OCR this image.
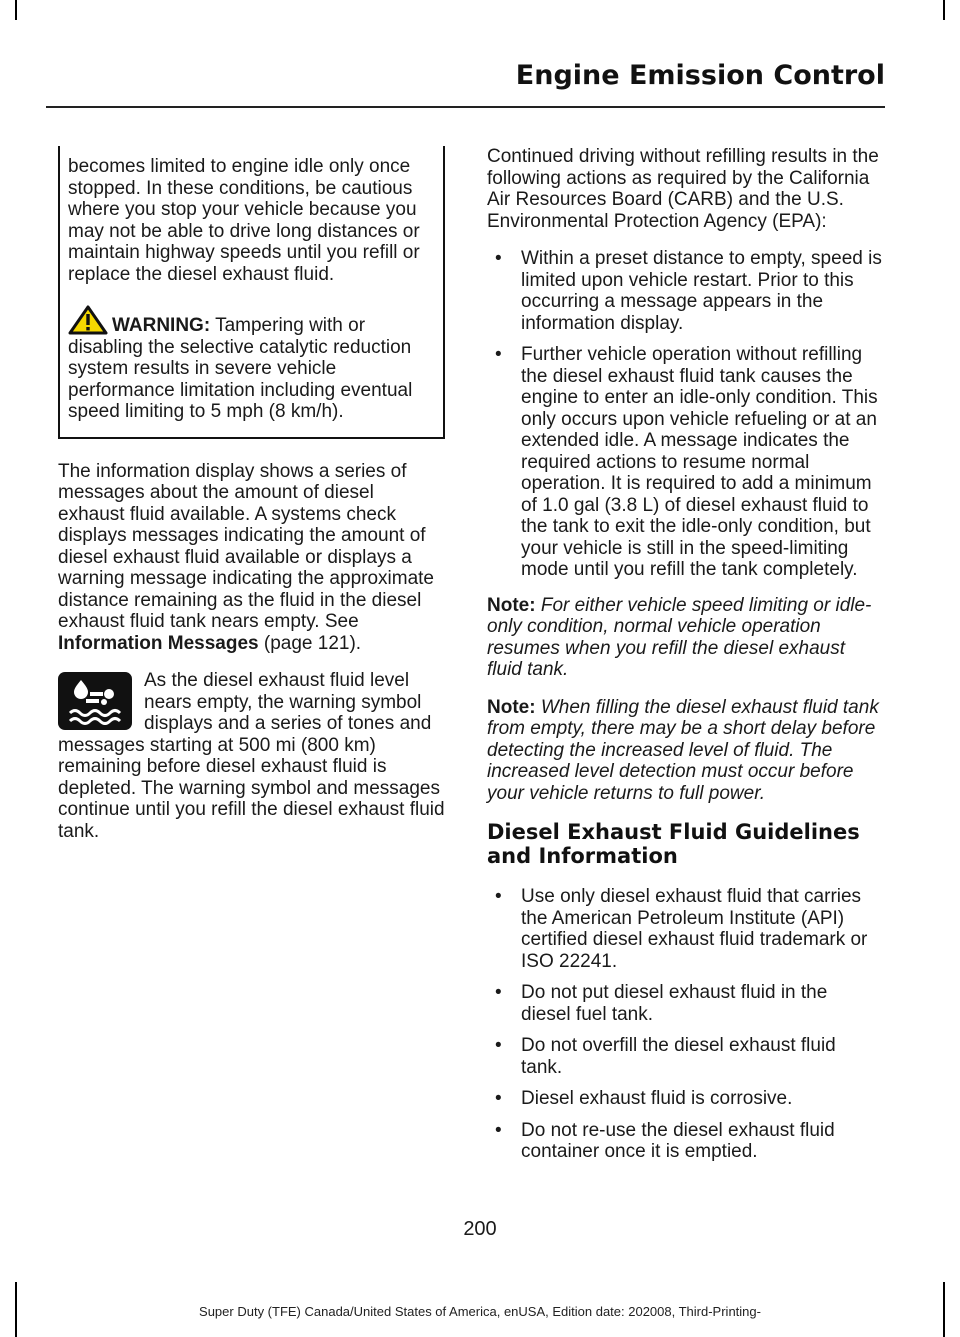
Engine Emission Control

becomes limited to engine idle only once stopped. In these conditions, be cautious where you stop your vehicle because you may not be able to drive long distances or maintain highway speeds until you refill or replace the diesel exhaust fluid.

WARNING: Tampering with or disabling the selective catalytic reduction system results in severe vehicle performance limitation including eventual speed limiting to 5 mph (8 km/h).

The information display shows a series of messages about the amount of diesel exhaust fluid available. A systems check displays messages indicating the amount of diesel exhaust fluid available or displays a warning message indicating the approximate distance remaining as the fluid in the diesel exhaust fluid tank nears empty. See Information Messages (page 121).

As the diesel exhaust fluid level nears empty, the warning symbol displays and a series of tones and messages starting at 500 mi (800 km) remaining before diesel exhaust fluid is depleted. The warning symbol and messages continue until you refill the diesel exhaust fluid tank.

Continued driving without refilling results in the following actions as required by the California Air Resources Board (CARB) and the U.S. Environmental Protection Agency (EPA):

• Within a preset distance to empty, speed is limited upon vehicle restart. Prior to this occurring a message appears in the information display.
• Further vehicle operation without refilling the diesel exhaust fluid tank causes the engine to enter an idle-only condition. This only occurs upon vehicle refueling or at an extended idle. A message indicates the required actions to resume normal operation. It is required to add a minimum of 1.0 gal (3.8 L) of diesel exhaust fluid to the tank to exit the idle-only condition, but your vehicle is still in the speed-limiting mode until you refill the tank completely.

Note: For either vehicle speed limiting or idle-only condition, normal vehicle operation resumes when you refill the diesel exhaust fluid tank.

Note: When filling the diesel exhaust fluid tank from empty, there may be a short delay before detecting the increased level of fluid. The increased level detection must occur before your vehicle returns to full power.

Diesel Exhaust Fluid Guidelines and Information
• Use only diesel exhaust fluid that carries the American Petroleum Institute (API) certified diesel exhaust fluid trademark or ISO 22241.
• Do not put diesel exhaust fluid in the diesel fuel tank.
• Do not overfill the diesel exhaust fluid tank.
• Diesel exhaust fluid is corrosive.
• Do not re-use the diesel exhaust fluid container once it is emptied.
200
Super Duty (TFE) Canada/United States of America, enUSA, Edition date: 202008, Third-Printing-
